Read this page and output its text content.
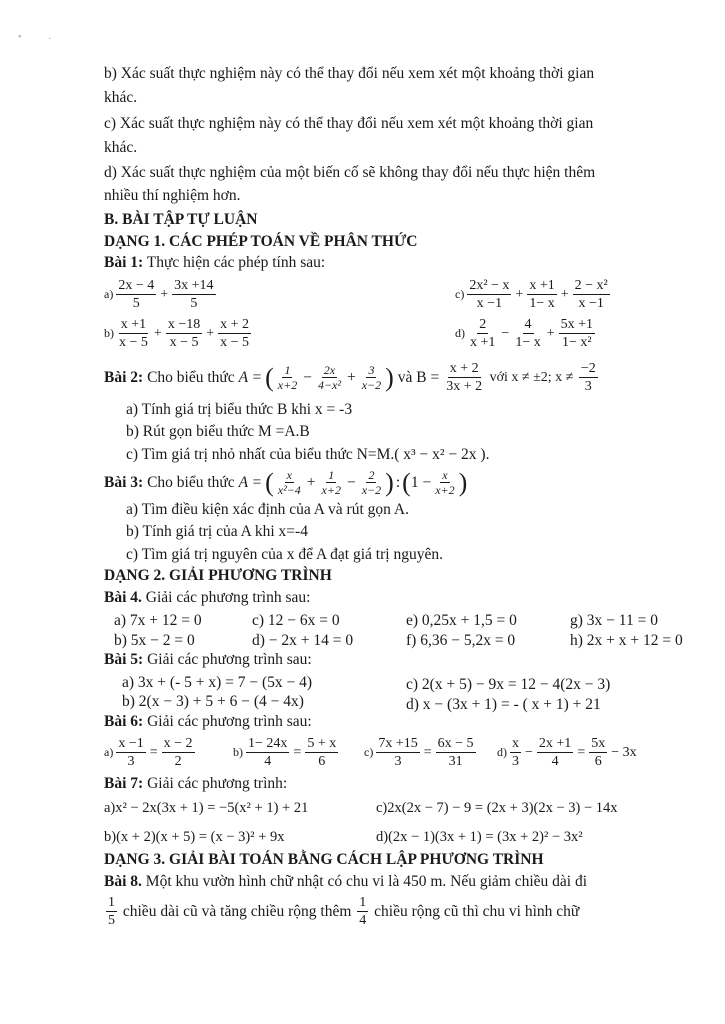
•	·
b) Xác suất thực nghiệm này có thể thay đổi nếu xem xét một khoảng thời gian
khác.
c) Xác suất thực nghiệm này có thể thay đổi nếu xem xét một khoảng thời gian
khác.
d) Xác suất thực nghiệm của một biến cố sẽ không thay đổi nếu thực hiện thêm
nhiều thí nghiệm hơn.
B. BÀI TẬP TỰ LUẬN
DẠNG 1. CÁC PHÉP TOÁN VỀ PHÂN THỨC
Bài 1: Thực hiện các phép tính sau:
$a) \frac{2x - 4}{5} + \frac{3x +14}{5}$	$c) \frac{\text{2x² − x}}{x -1} + \frac{x +1}{1- x} + \frac{\text{2 − x²}}{x -1}$
$b) \frac{x +1}{x - 5} + \frac{x -18}{x - 5} + \frac{x + 2}{x - 5}$	$d) \frac{2}{x +1} - \frac{4}{1- x} + \frac{5x +1}{\text{1− x²}}$
Bài 2: Cho biểu thức A = ( $\frac{1}{x+2} - \frac{2x}{\text{4−x²}} + \frac{3}{x-2}$ ) và $B = \frac{x + 2}{3x + 2}$ với x ≠ ±2; $x \ne \frac{-2}{3}$
a) Tính giá trị biểu thức B khi x = -3
b) Rút gọn biểu thức M =A.B
c) Tìm giá trị nhỏ nhất của biểu thức N=M.( x³ − x² − 2x ).
Bài 3: Cho biểu thức A = ( $\frac{x}{\text{x²−4}} + \frac{1}{x+2} - \frac{2}{x-2}$ ) : ( $1 - \frac{x}{x+2}$ )
a) Tìm điều kiện xác định của A và rút gọn A.
b) Tính giá trị của A khi x=-4
c) Tìm giá trị nguyên của x để A đạt giá trị nguyên.
DẠNG 2. GIẢI PHƯƠNG TRÌNH
Bài 4. Giải các phương trình sau:
a) 7x + 12 = 0	c) 12 − 6x = 0	e) 0,25x + 1,5 = 0	g) 3x − 11 = 0
b) 5x − 2 = 0	d) − 2x + 14 = 0	f) 6,36 − 5,2x = 0	h) 2x + x + 12 = 0
Bài 5: Giải các phương trình sau:
a) 3x + (- 5 + x) = 7 − (5x − 4)	c) 2(x + 5) − 9x = 12 − 4(2x − 3)
b) 2(x − 3) + 5 + 6 − (4 − 4x)	d) x − (3x + 1) = - ( x + 1) + 21
Bài 6: Giải các phương trình sau:
$a) \frac{x -1}{3} = \frac{x - 2}{2}$	$b) \frac{1- 24x}{4} = \frac{5 + x}{6} c) \frac{7x +15}{3} = \frac{6x - 5}{31} d) \frac{x}{3} - \frac{2x +1}{4} = \frac{5x}{6} - 3x$
Bài 7: Giải các phương trình:
a)x² − 2x(3x + 1) = −5(x² + 1) + 21	c)2x(2x − 7) − 9 = (2x + 3)(2x − 3) − 14x
b)(x + 2)(x + 5) = (x − 3)² + 9x	d)(2x − 1)(3x + 1) = (3x + 2)² − 3x²
DẠNG 3. GIẢI BÀI TOÁN BẰNG CÁCH LẬP PHƯƠNG TRÌNH
Bài 8. Một khu vườn hình chữ nhật có chu vi là 450 m. Nếu giảm chiều dài đi
$\frac{1}{5}$ chiều dài cũ và tăng chiều rộng thêm $\frac{1}{4}$ chiều rộng cũ thì chu vi hình chữ
